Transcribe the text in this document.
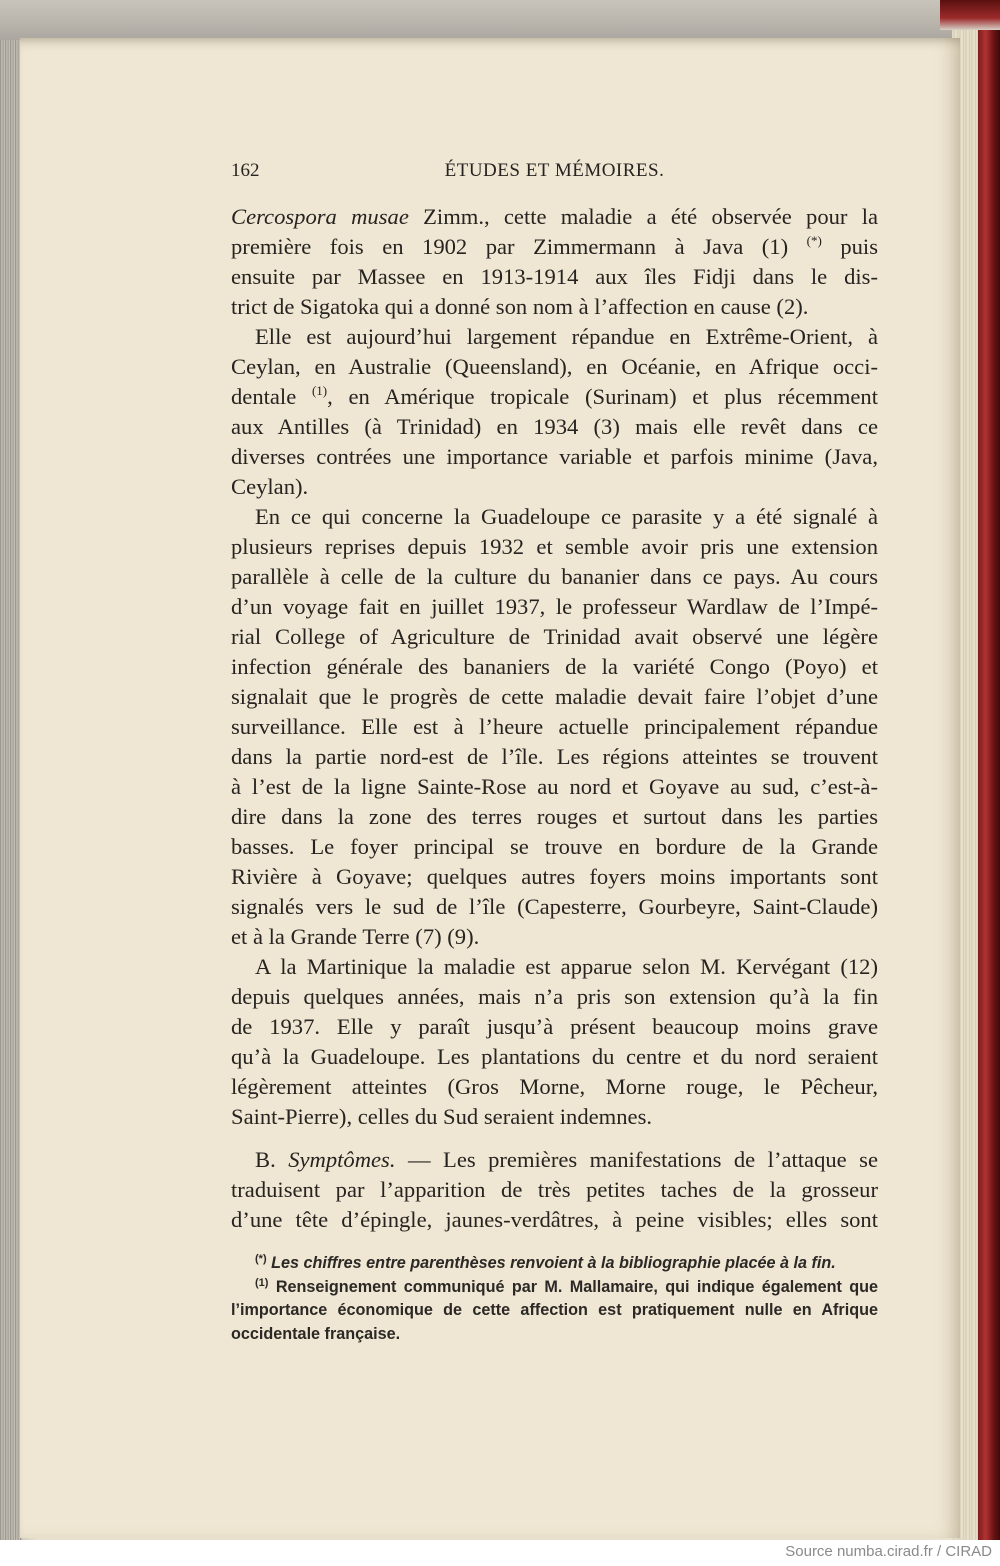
162	ÉTUDES ET MÉMOIRES.
Cercospora musae Zimm., cette maladie a été observée pour la
première fois en 1902 par Zimmermann à Java (1) (*) puis
ensuite par Massee en 1913-1914 aux îles Fidji dans le dis-
trict de Sigatoka qui a donné son nom à l’affection en cause (2).
Elle est aujourd’hui largement répandue en Extrême-Orient, à
Ceylan, en Australie (Queensland), en Océanie, en Afrique occi-
dentale $^{(1)}$, en Amérique tropicale (Surinam) et plus récemment
aux Antilles (à Trinidad) en 1934 (3) mais elle revêt dans ce
diverses contrées une importance variable et parfois minime (Java,
Ceylan).
En ce qui concerne la Guadeloupe ce parasite y a été signalé à
plusieurs reprises depuis 1932 et semble avoir pris une extension
parallèle à celle de la culture du bananier dans ce pays. Au cours
d’un voyage fait en juillet 1937, le professeur Wardlaw de l’Impé-
rial College of Agriculture de Trinidad avait observé une légère
infection générale des bananiers de la variété Congo (Poyo) et
signalait que le progrès de cette maladie devait faire l’objet d’une
surveillance. Elle est à l’heure actuelle principalement répandue
dans la partie nord-est de l’île. Les régions atteintes se trouvent
à l’est de la ligne Sainte-Rose au nord et Goyave au sud, c’est-à-
dire dans la zone des terres rouges et surtout dans les parties
basses. Le foyer principal se trouve en bordure de la Grande
Rivière à Goyave; quelques autres foyers moins importants sont
signalés vers le sud de l’île (Capesterre, Gourbeyre, Saint-Claude)
et à la Grande Terre (7) (9).
A la Martinique la maladie est apparue selon M. Kervégant (12)
depuis quelques années, mais n’a pris son extension qu’à la fin
de 1937. Elle y paraît jusqu’à présent beaucoup moins grave
qu’à la Guadeloupe. Les plantations du centre et du nord seraient
légèrement atteintes (Gros Morne, Morne rouge, le Pêcheur,
Saint-Pierre), celles du Sud seraient indemnes.
B. Symptômes. — Les premières manifestations de l’attaque se
traduisent par l’apparition de très petites taches de la grosseur
d’une tête d’épingle, jaunes-verdâtres, à peine visibles; elles sont
(*) Les chiffres entre parenthèses renvoient à la bibliographie placée à la fin.
$^{(1)}$ Renseignement communiqué par M. Mallamaire, qui indique également que
l’importance économique de cette affection est pratiquement nulle en Afrique
occidentale française.
Source numba.cirad.fr / CIRAD
